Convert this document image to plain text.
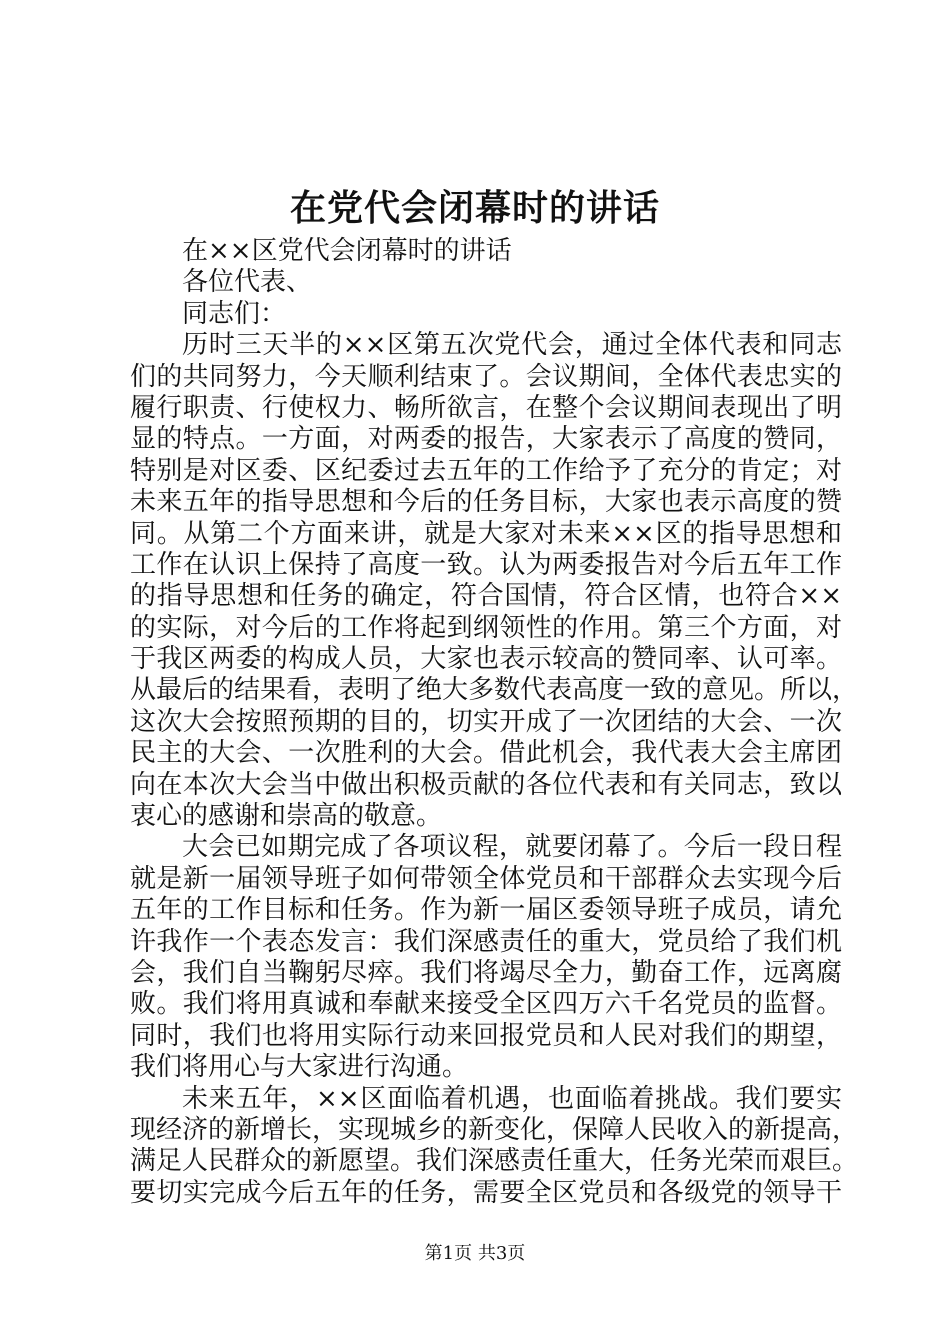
在党代会闭幕时的讲话
在××区党代会闭幕时的讲话
各位代表、
同志们：
历时三天半的××区第五次党代会，通过全体代表和同志
们的共同努力，今天顺利结束了。会议期间，全体代表忠实的
履行职责、行使权力、畅所欲言，在整个会议期间表现出了明
显的特点。一方面，对两委的报告，大家表示了高度的赞同，
特别是对区委、区纪委过去五年的工作给予了充分的肯定；对
未来五年的指导思想和今后的任务目标，大家也表示高度的赞
同。从第二个方面来讲，就是大家对未来××区的指导思想和
工作在认识上保持了高度一致。认为两委报告对今后五年工作
的指导思想和任务的确定，符合国情，符合区情，也符合××
的实际，对今后的工作将起到纲领性的作用。第三个方面，对
于我区两委的构成人员，大家也表示较高的赞同率、认可率。
从最后的结果看，表明了绝大多数代表高度一致的意见。所以，
这次大会按照预期的目的，切实开成了一次团结的大会、一次
民主的大会、一次胜利的大会。借此机会，我代表大会主席团
向在本次大会当中做出积极贡献的各位代表和有关同志，致以
衷心的感谢和崇高的敬意。
大会已如期完成了各项议程，就要闭幕了。今后一段日程
就是新一届领导班子如何带领全体党员和干部群众去实现今后
五年的工作目标和任务。作为新一届区委领导班子成员，请允
许我作一个表态发言：我们深感责任的重大，党员给了我们机
会，我们自当鞠躬尽瘁。我们将竭尽全力，勤奋工作，远离腐
败。我们将用真诚和奉献来接受全区四万六千名党员的监督。
同时，我们也将用实际行动来回报党员和人民对我们的期望，
我们将用心与大家进行沟通。
未来五年，××区面临着机遇，也面临着挑战。我们要实
现经济的新增长，实现城乡的新变化，保障人民收入的新提高，
满足人民群众的新愿望。我们深感责任重大，任务光荣而艰巨。
要切实完成今后五年的任务，需要全区党员和各级党的领导干
第1页 共3页
